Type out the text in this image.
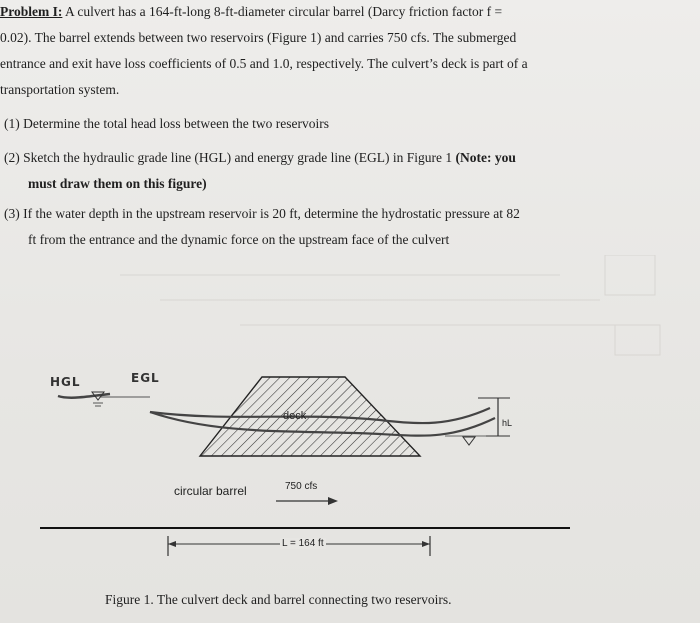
Problem I: A culvert has a 164-ft-long 8-ft-diameter circular barrel (Darcy friction factor f =
0.02). The barrel extends between two reservoirs (Figure 1) and carries 750 cfs. The submerged
entrance and exit have loss coefficients of 0.5 and 1.0, respectively. The culvert’s deck is part of a
transportation system.
(1) Determine the total head loss between the two reservoirs
(2) Sketch the hydraulic grade line (HGL) and energy grade line (EGL) in Figure 1 (Note: you
must draw them on this figure)
(3) If the water depth in the upstream reservoir is 20 ft, determine the hydrostatic pressure at 82
ft from the entrance and the dynamic force on the upstream face of the culvert
HGL	EGL
deck
hL
circular barrel	750 cfs
L = 164 ft
Figure 1. The culvert deck and barrel connecting two reservoirs.
